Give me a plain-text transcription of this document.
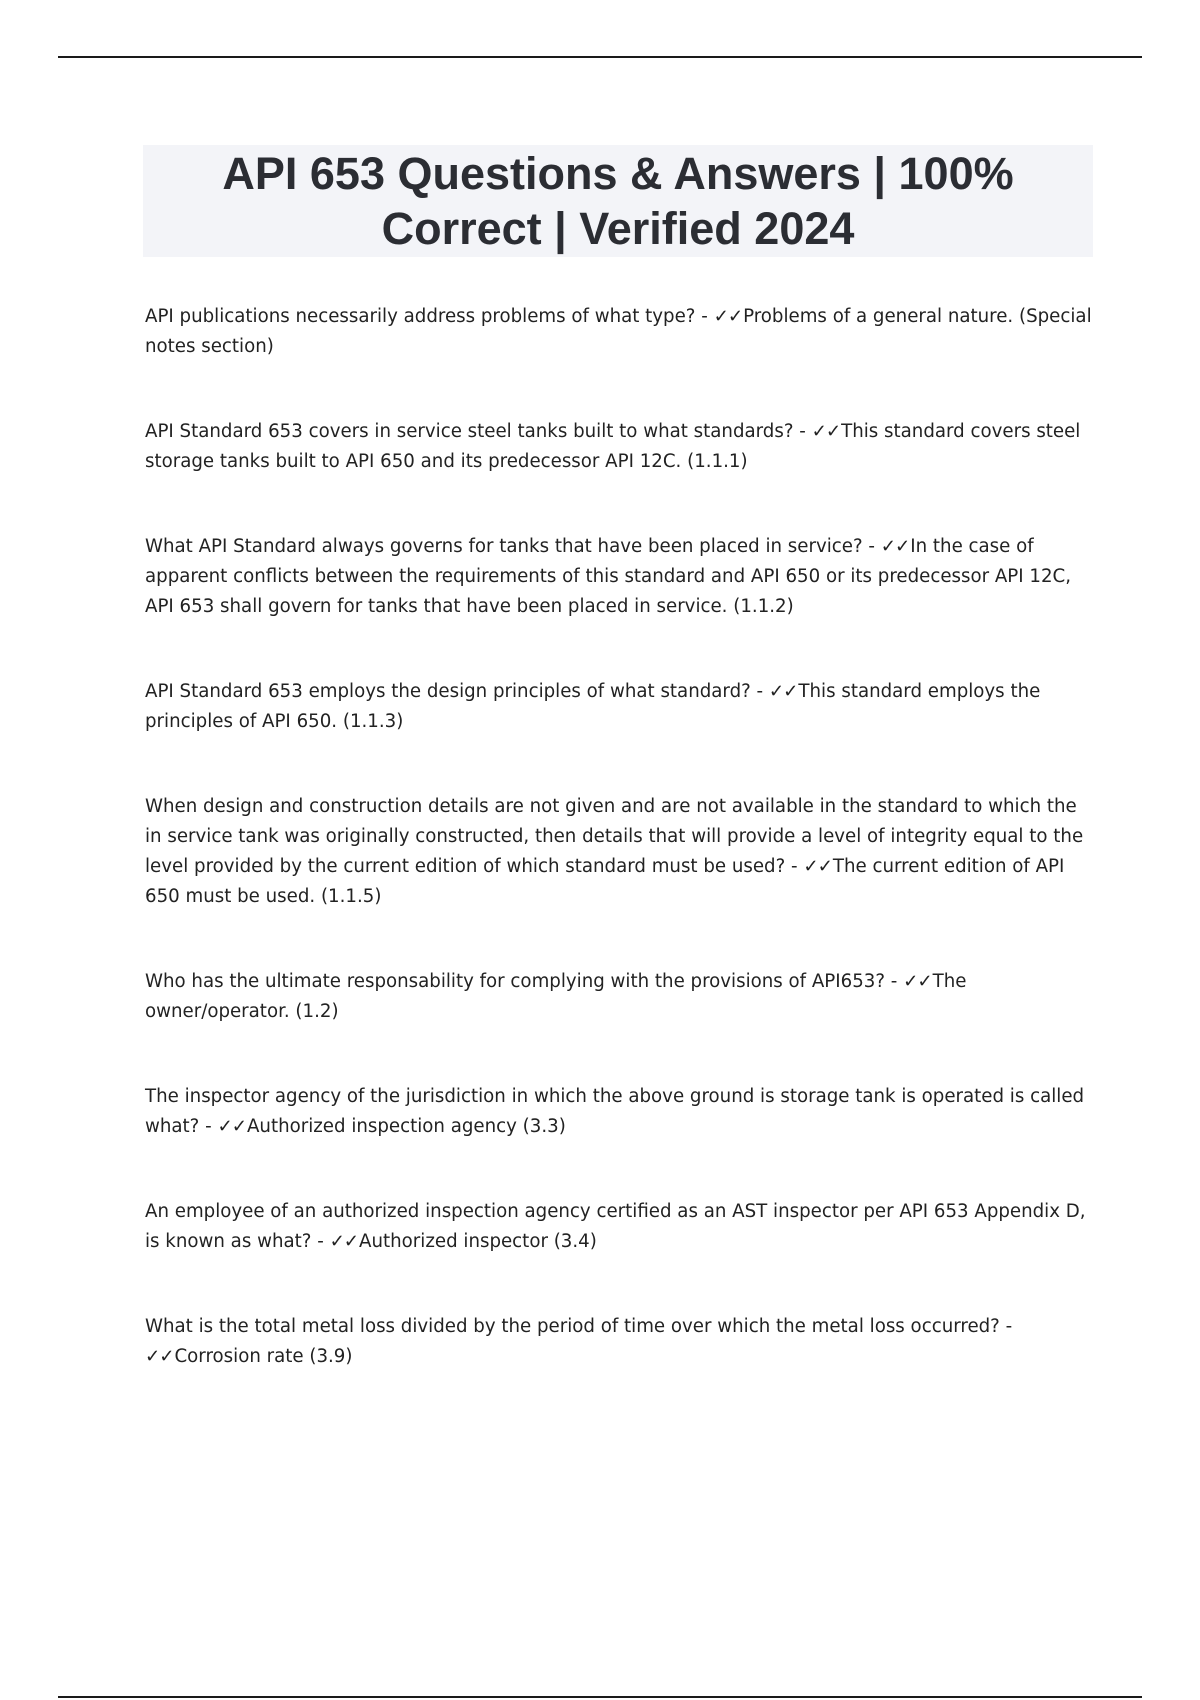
API 653 Questions & Answers | 100% Correct | Verified 2024
API publications necessarily address problems of what type? - ✓✓Problems of a general nature. (Special notes section)
API Standard 653 covers in service steel tanks built to what standards? - ✓✓This standard covers steel storage tanks built to API 650 and its predecessor API 12C. (1.1.1)
What API Standard always governs for tanks that have been placed in service? - ✓✓In the case of apparent conflicts between the requirements of this standard and API 650 or its predecessor API 12C, API 653 shall govern for tanks that have been placed in service. (1.1.2)
API Standard 653 employs the design principles of what standard? - ✓✓This standard employs the principles of API 650. (1.1.3)
When design and construction details are not given and are not available in the standard to which the in service tank was originally constructed, then details that will provide a level of integrity equal to the level provided by the current edition of which standard must be used? - ✓✓The current edition of API 650 must be used. (1.1.5)
Who has the ultimate responsability for complying with the provisions of API653? - ✓✓The owner/operator. (1.2)
The inspector agency of the jurisdiction in which the above ground is storage tank is operated is called what? - ✓✓Authorized inspection agency (3.3)
An employee of an authorized inspection agency certified as an AST inspector per API 653 Appendix D, is known as what? - ✓✓Authorized inspector (3.4)
What is the total metal loss divided by the period of time over which the metal loss occurred? - ✓✓Corrosion rate (3.9)
